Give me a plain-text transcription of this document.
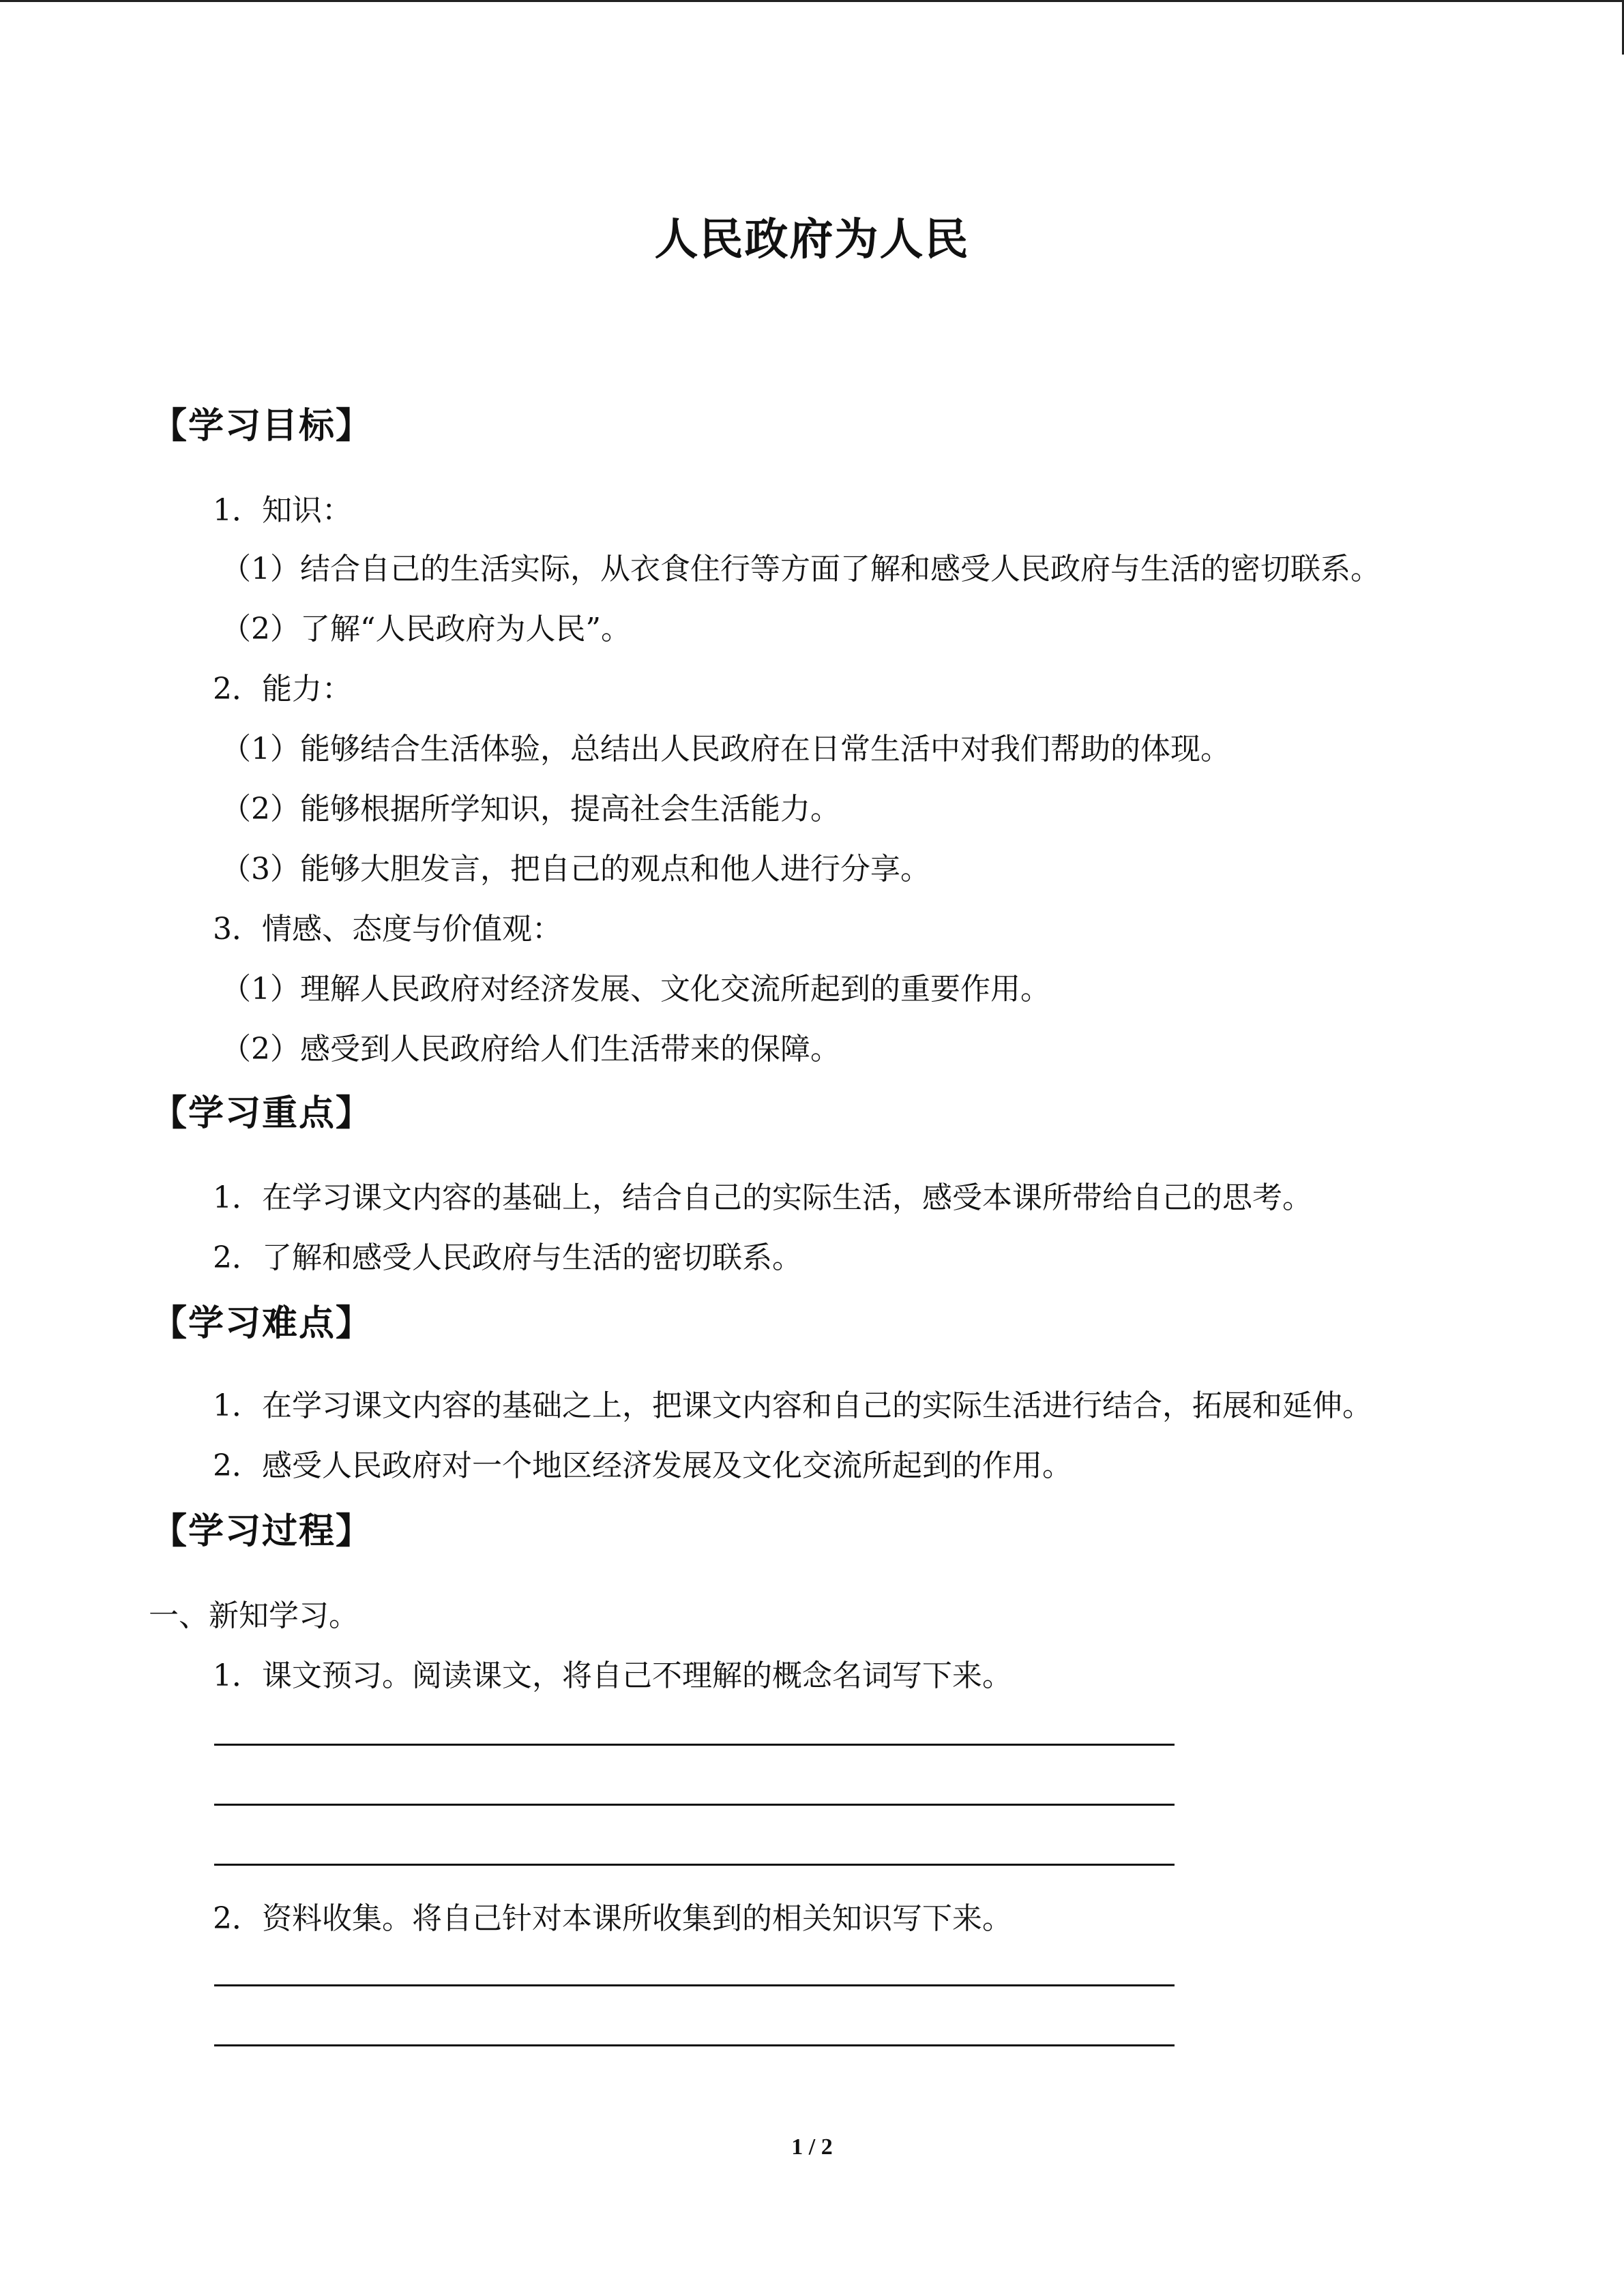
人民政府为人民
【学习目标】
1．知识：
（1）结合自己的生活实际，从衣食住行等方面了解和感受人民政府与生活的密切联系。
（2）了解“人民政府为人民”。
2．能力：
（1）能够结合生活体验，总结出人民政府在日常生活中对我们帮助的体现。
（2）能够根据所学知识，提高社会生活能力。
（3）能够大胆发言，把自己的观点和他人进行分享。
3．情感、态度与价值观：
（1）理解人民政府对经济发展、文化交流所起到的重要作用。
（2）感受到人民政府给人们生活带来的保障。
【学习重点】
1．在学习课文内容的基础上，结合自己的实际生活，感受本课所带给自己的思考。
2．了解和感受人民政府与生活的密切联系。
【学习难点】
1．在学习课文内容的基础之上，把课文内容和自己的实际生活进行结合，拓展和延伸。
2．感受人民政府对一个地区经济发展及文化交流所起到的作用。
【学习过程】
一、新知学习。
1．课文预习。阅读课文，将自己不理解的概念名词写下来。
2．资料收集。将自己针对本课所收集到的相关知识写下来。
1 / 2
